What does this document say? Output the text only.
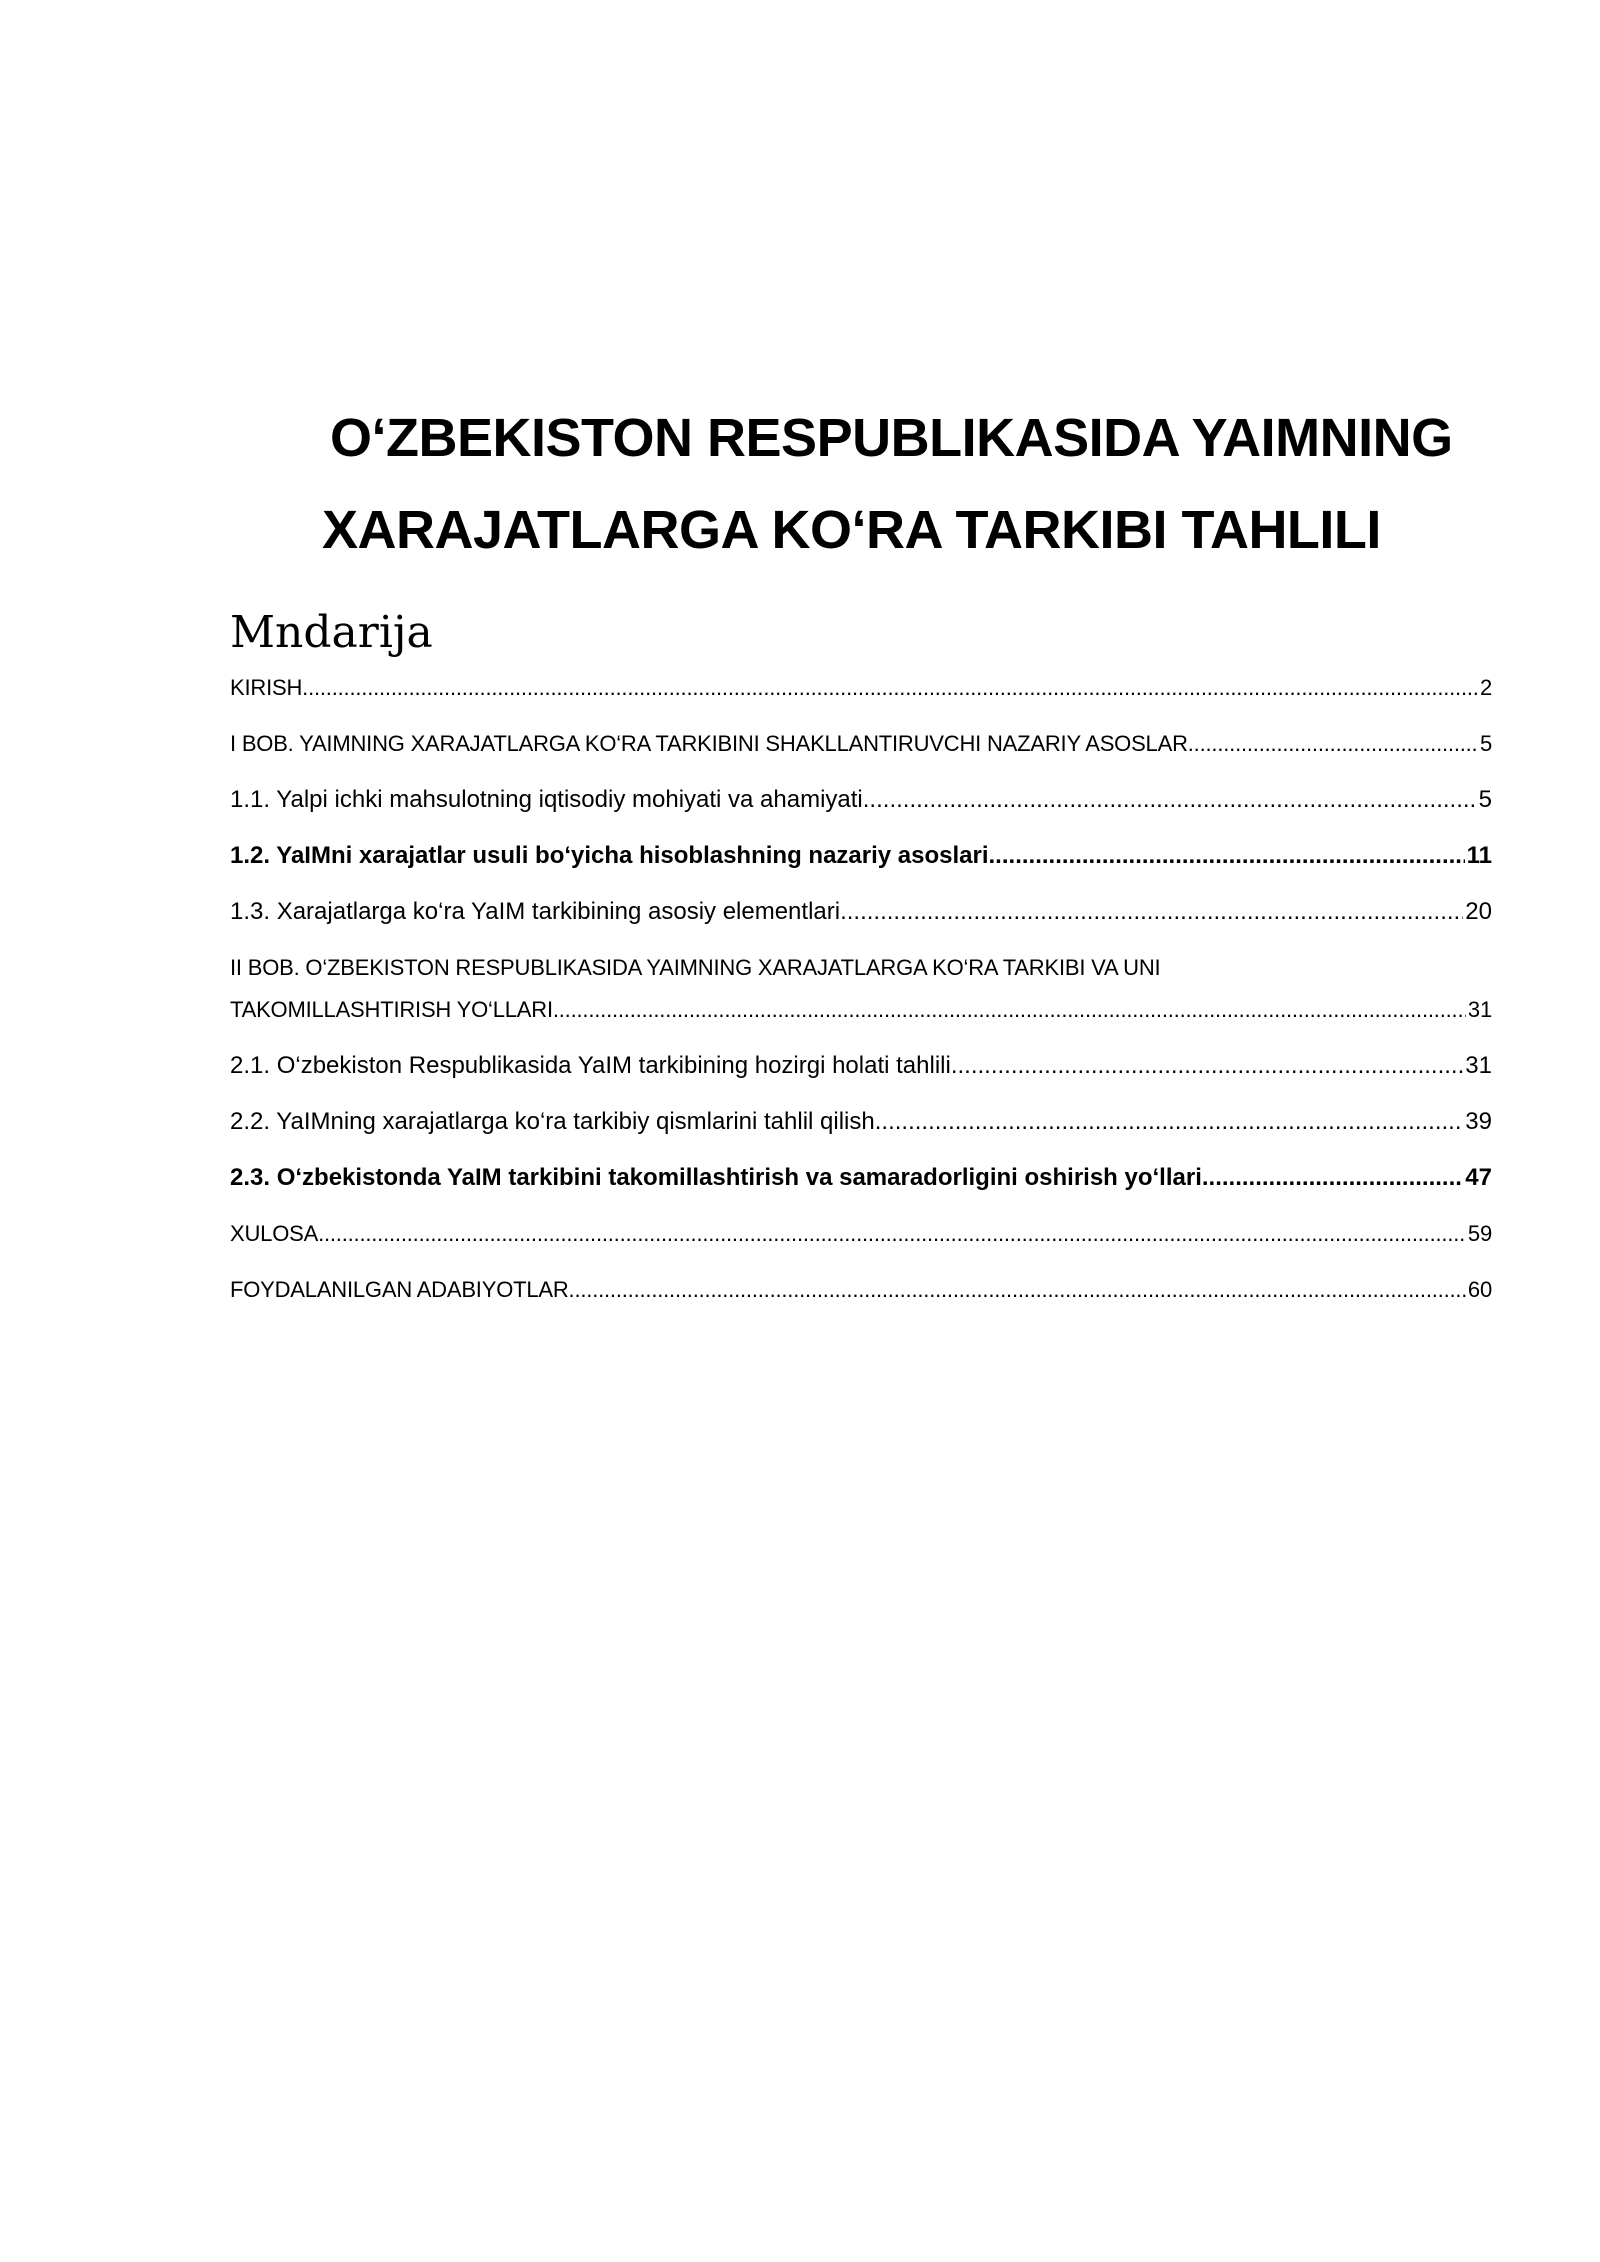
O‘ZBEKISTON RESPUBLIKASIDA YAIMNING
XARAJATLARGA KO‘RA TARKIBI TAHLILI
Mndarija
KIRISH .....	2
I BOB. YAIMNING XARAJATLARGA KO‘RA TARKIBINI SHAKLLANTIRUVCHI NAZARIY ASOSLAR .....	5
1.1. Yalpi ichki mahsulotning iqtisodiy mohiyati va ahamiyati .....	5
1.2. YaIMni xarajatlar usuli bo‘yicha hisoblashning nazariy asoslari .....	11
1.3. Xarajatlarga ko‘ra YaIM tarkibining asosiy elementlari .....	20
II BOB. O‘ZBEKISTON RESPUBLIKASIDA YAIMNING XARAJATLARGA KO‘RA TARKIBI VA UNI
TAKOMILLASHTIRISH YO‘LLARI .....	31
2.1. O‘zbekiston Respublikasida YaIM tarkibining hozirgi holati tahlili .....	31
2.2. YaIMning xarajatlarga ko‘ra tarkibiy qismlarini tahlil qilish .....	39
2.3. O‘zbekistonda YaIM tarkibini takomillashtirish va samaradorligini oshirish yo‘llari .....	47
XULOSA .....	59
FOYDALANILGAN ADABIYOTLAR .....	60
